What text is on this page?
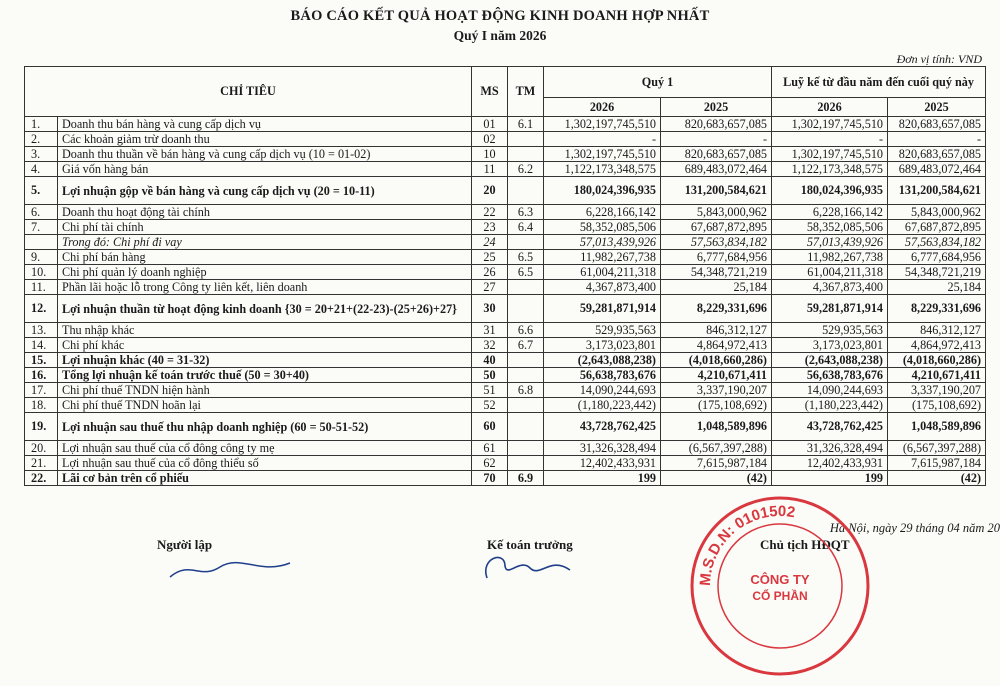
BÁO CÁO KẾT QUẢ HOẠT ĐỘNG KINH DOANH HỢP NHẤT
Quý I năm 2026
Đơn vị tính: VND
CHỈ TIÊU		MS	TM	Quý 1		Luỹ kế từ đầu năm đến cuối quý này	
				2026	2025	2026	2025
1.	Doanh thu bán hàng và cung cấp dịch vụ	01	6.1	1,302,197,745,510	820,683,657,085	1,302,197,745,510	820,683,657,085
2.	Các khoản giảm trừ doanh thu	02		-	-	-	-
3.	Doanh thu thuần về bán hàng và cung cấp dịch vụ (10 = 01-02)	10		1,302,197,745,510	820,683,657,085	1,302,197,745,510	820,683,657,085
4.	Giá vốn hàng bán	11	6.2	1,122,173,348,575	689,483,072,464	1,122,173,348,575	689,483,072,464
5.	Lợi nhuận gộp về bán hàng và cung cấp dịch vụ (20 = 10-11)	20		180,024,396,935	131,200,584,621	180,024,396,935	131,200,584,621
6.	Doanh thu hoạt động tài chính	22	6.3	6,228,166,142	5,843,000,962	6,228,166,142	5,843,000,962
7.	Chi phí tài chính	23	6.4	58,352,085,506	67,687,872,895	58,352,085,506	67,687,872,895
	Trong đó: Chi phí đi vay	24		57,013,439,926	57,563,834,182	57,013,439,926	57,563,834,182
9.	Chi phí bán hàng	25	6.5	11,982,267,738	6,777,684,956	11,982,267,738	6,777,684,956
10.	Chi phí quản lý doanh nghiệp	26	6.5	61,004,211,318	54,348,721,219	61,004,211,318	54,348,721,219
11.	Phần lãi hoặc lỗ trong Công ty liên kết, liên doanh	27		4,367,873,400	25,184	4,367,873,400	25,184
12.	Lợi nhuận thuần từ hoạt động kinh doanh {30 = 20+21+(22-23)-(25+26)+27}	30		59,281,871,914	8,229,331,696	59,281,871,914	8,229,331,696
13.	Thu nhập khác	31	6.6	529,935,563	846,312,127	529,935,563	846,312,127
14.	Chi phí khác	32	6.7	3,173,023,801	4,864,972,413	3,173,023,801	4,864,972,413
15.	Lợi nhuận khác (40 = 31-32)	40		(2,643,088,238)	(4,018,660,286)	(2,643,088,238)	(4,018,660,286)
16.	Tổng lợi nhuận kế toán trước thuế (50 = 30+40)	50		56,638,783,676	4,210,671,411	56,638,783,676	4,210,671,411
17.	Chi phí thuế TNDN hiện hành	51	6.8	14,090,244,693	3,337,190,207	14,090,244,693	3,337,190,207
18.	Chi phí thuế TNDN hoãn lại	52		(1,180,223,442)	(175,108,692)	(1,180,223,442)	(175,108,692)
19.	Lợi nhuận sau thuế thu nhập doanh nghiệp (60 = 50-51-52)	60		43,728,762,425	1,048,589,896	43,728,762,425	1,048,589,896
20.	Lợi nhuận sau thuế của cổ đông công ty mẹ	61		31,326,328,494	(6,567,397,288)	31,326,328,494	(6,567,397,288)
21.	Lợi nhuận sau thuế của cổ đông thiểu số	62		12,402,433,931	7,615,987,184	12,402,433,931	7,615,987,184
22.	Lãi cơ bản trên cổ phiếu	70	6.9	199	(42)	199	(42)
Hà Nội, ngày 29 tháng 04 năm 20
Người lập	Kế toán trưởng	Chủ tịch HĐQT
M.S.D.N: 0101502
CÔNG TY
CỔ PHẦN
